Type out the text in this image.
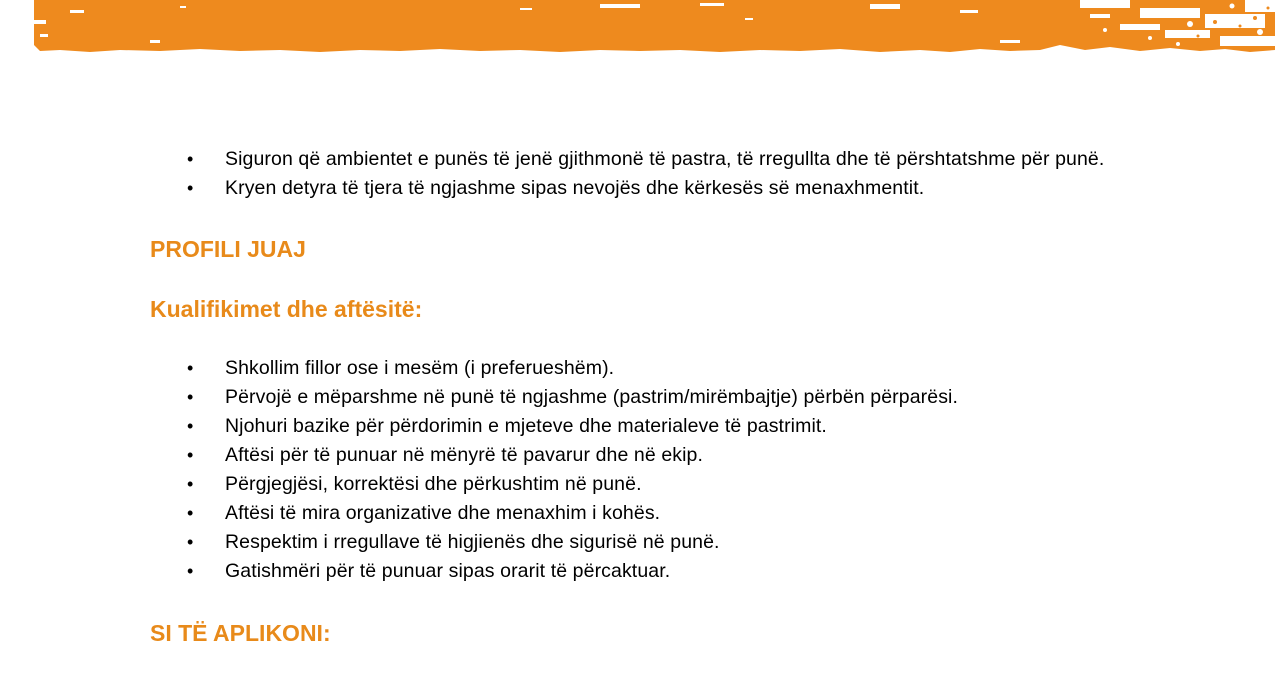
• Siguron që ambientet e punës të jenë gjithmonë të pastra, të rregullta dhe të përshtatshme për punë.
• Kryen detyra të tjera të ngjashme sipas nevojës dhe kërkesës së menaxhmentit.
PROFILI JUAJ
Kualifikimet dhe aftësitë:
• Shkollim fillor ose i mesëm (i preferueshëm).
• Përvojë e mëparshme në punë të ngjashme (pastrim/mirëmbajtje) përbën përparësi.
• Njohuri bazike për përdorimin e mjeteve dhe materialeve të pastrimit.
• Aftësi për të punuar në mënyrë të pavarur dhe në ekip.
• Përgjegjësi, korrektësi dhe përkushtim në punë.
• Aftësi të mira organizative dhe menaxhim i kohës.
• Respektim i rregullave të higjienës dhe sigurisë në punë.
• Gatishmëri për të punuar sipas orarit të përcaktuar.
SI TË APLIKONI:
